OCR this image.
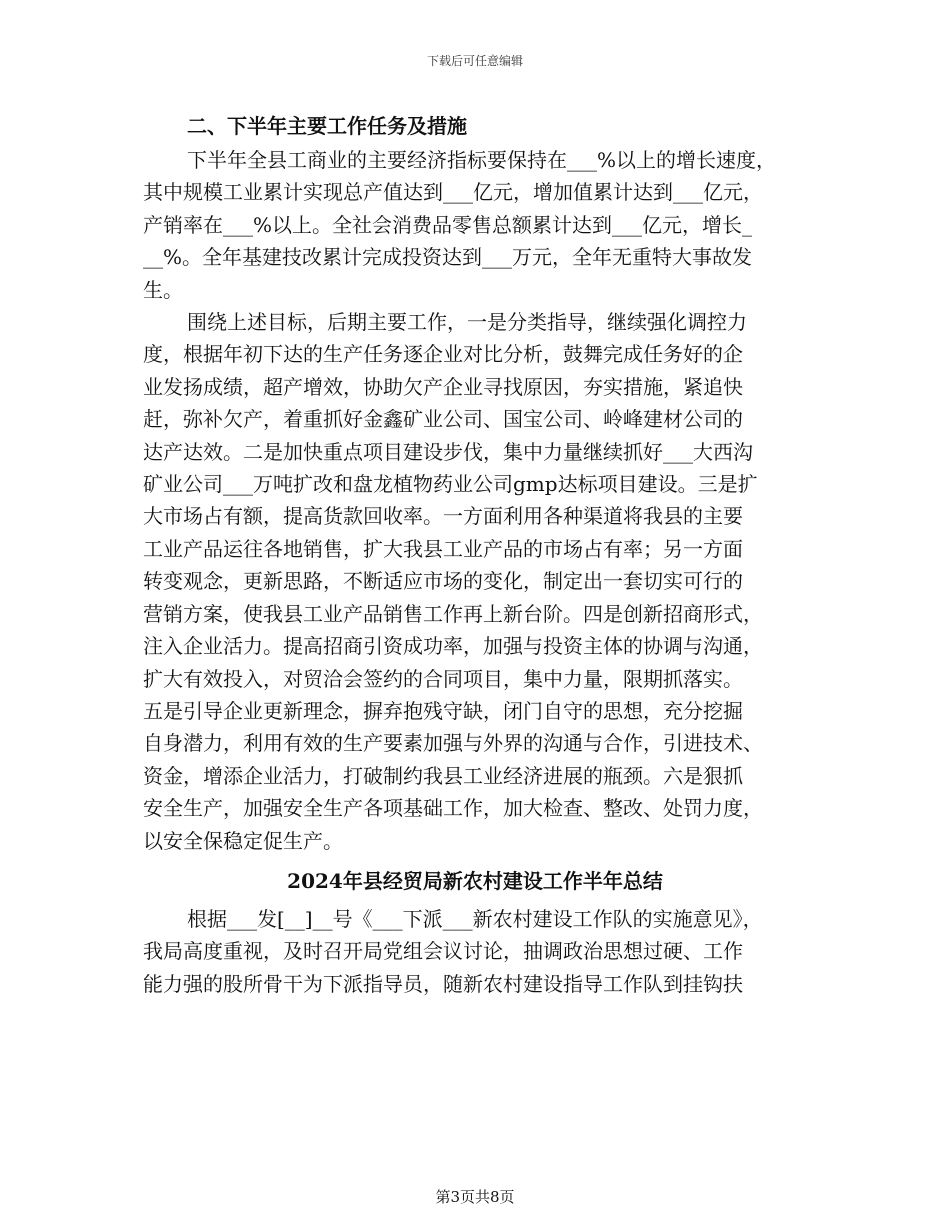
下载后可任意编辑
二、下半年主要工作任务及措施
下半年全县工商业的主要经济指标要保持在___%以上的增长速度，
其中规模工业累计实现总产值达到___亿元，增加值累计达到___亿元，
产销率在___%以上。全社会消费品零售总额累计达到___亿元，增长_
__%。全年基建技改累计完成投资达到___万元，全年无重特大事故发
生。
围绕上述目标，后期主要工作，一是分类指导，继续强化调控力
度，根据年初下达的生产任务逐企业对比分析，鼓舞完成任务好的企
业发扬成绩，超产增效，协助欠产企业寻找原因，夯实措施，紧追快
赶，弥补欠产，着重抓好金鑫矿业公司、国宝公司、岭峰建材公司的
达产达效。二是加快重点项目建设步伐，集中力量继续抓好___大西沟
矿业公司___万吨扩改和盘龙植物药业公司gmp达标项目建设。三是扩
大市场占有额，提高货款回收率。一方面利用各种渠道将我县的主要
工业产品运往各地销售，扩大我县工业产品的市场占有率；另一方面
转变观念，更新思路，不断适应市场的变化，制定出一套切实可行的
营销方案，使我县工业产品销售工作再上新台阶。四是创新招商形式，
注入企业活力。提高招商引资成功率，加强与投资主体的协调与沟通，
扩大有效投入，对贸洽会签约的合同项目，集中力量，限期抓落实。
五是引导企业更新理念，摒弃抱残守缺，闭门自守的思想，充分挖掘
自身潜力，利用有效的生产要素加强与外界的沟通与合作，引进技术、
资金，增添企业活力，打破制约我县工业经济进展的瓶颈。六是狠抓
安全生产，加强安全生产各项基础工作，加大检查、整改、处罚力度，
以安全保稳定促生产。
2024年县经贸局新农村建设工作半年总结
根据___发[__]__号《___下派___新农村建设工作队的实施意见》，
我局高度重视，及时召开局党组会议讨论，抽调政治思想过硬、工作
能力强的股所骨干为下派指导员，随新农村建设指导工作队到挂钩扶
第3页共8页
